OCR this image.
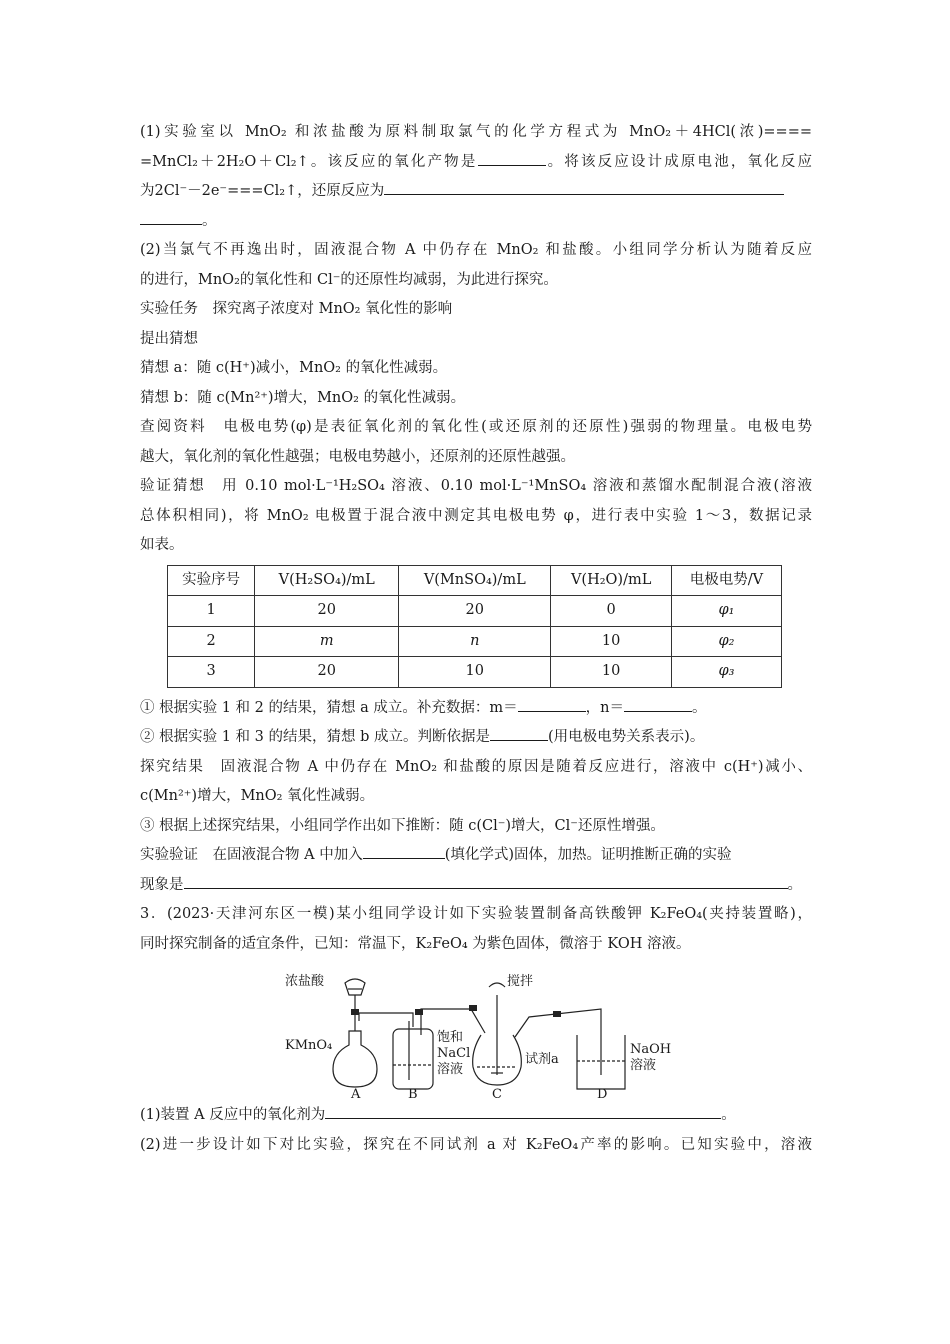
(1)实验室以 MnO₂ 和浓盐酸为原料制取氯气的化学方程式为 MnO₂＋4HCl(浓)====

=MnCl₂＋2H₂O＋Cl₂↑。该反应的氧化产物是	。将该反应设计成原电池，氧化反应

为2Cl⁻－2e⁻===Cl₂↑，还原反应为

。

(2)当氯气不再逸出时，固液混合物 A 中仍存在 MnO₂ 和盐酸。小组同学分析认为随着反应

的进行，MnO₂的氧化性和 Cl⁻的还原性均减弱，为此进行探究。

实验任务　探究离子浓度对 MnO₂ 氧化性的影响

提出猜想

猜想 a：随 c(H⁺)减小，MnO₂ 的氧化性减弱。

猜想 b：随 c(Mn²⁺)增大，MnO₂ 的氧化性减弱。

查阅资料　电极电势(φ)是表征氧化剂的氧化性(或还原剂的还原性)强弱的物理量。电极电势

越大，氧化剂的氧化性越强；电极电势越小，还原剂的还原性越强。

验证猜想　用 0.10 mol·L⁻¹H₂SO₄ 溶液、0.10 mol·L⁻¹MnSO₄ 溶液和蒸馏水配制混合液(溶液

总体积相同)，将 MnO₂ 电极置于混合液中测定其电极电势 φ，进行表中实验 1～3，数据记录

如表。

实验序号	V(H₂SO₄)/mL	V(MnSO₄)/mL	V(H₂O)/mL	电极电势/V
1	20	20	0	φ₁
2	m	n	10	φ₂
3	20	10	10	φ₃

① 根据实验 1 和 2 的结果，猜想 a 成立。补充数据：m＝	，n＝	。

② 根据实验 1 和 3 的结果，猜想 b 成立。判断依据是	(用电极电势关系表示)。

探究结果　固液混合物 A 中仍存在 MnO₂ 和盐酸的原因是随着反应进行，溶液中 c(H⁺)减小、

c(Mn²⁺)增大，MnO₂ 氧化性减弱。

③ 根据上述探究结果，小组同学作出如下推断：随 c(Cl⁻)增大，Cl⁻还原性增强。

实验验证　在固液混合物 A 中加入	(填化学式)固体，加热。证明推断正确的实验

现象是	。

3．(2023·天津河东区一模)某小组同学设计如下实验装置制备高铁酸钾 K₂FeO₄(夹持装置略)，

同时探究制备的适宜条件，已知：常温下，K₂FeO₄ 为紫色固体，微溶于 KOH 溶液。

浓盐酸
KMnO₄
搅拌
饱和
NaCl
溶液
试剂a
NaOH
溶液
A	B	C	D

(1)装置 A 反应中的氧化剂为	。

(2)进一步设计如下对比实验，探究在不同试剂 a 对 K₂FeO₄产率的影响。已知实验中，溶液
